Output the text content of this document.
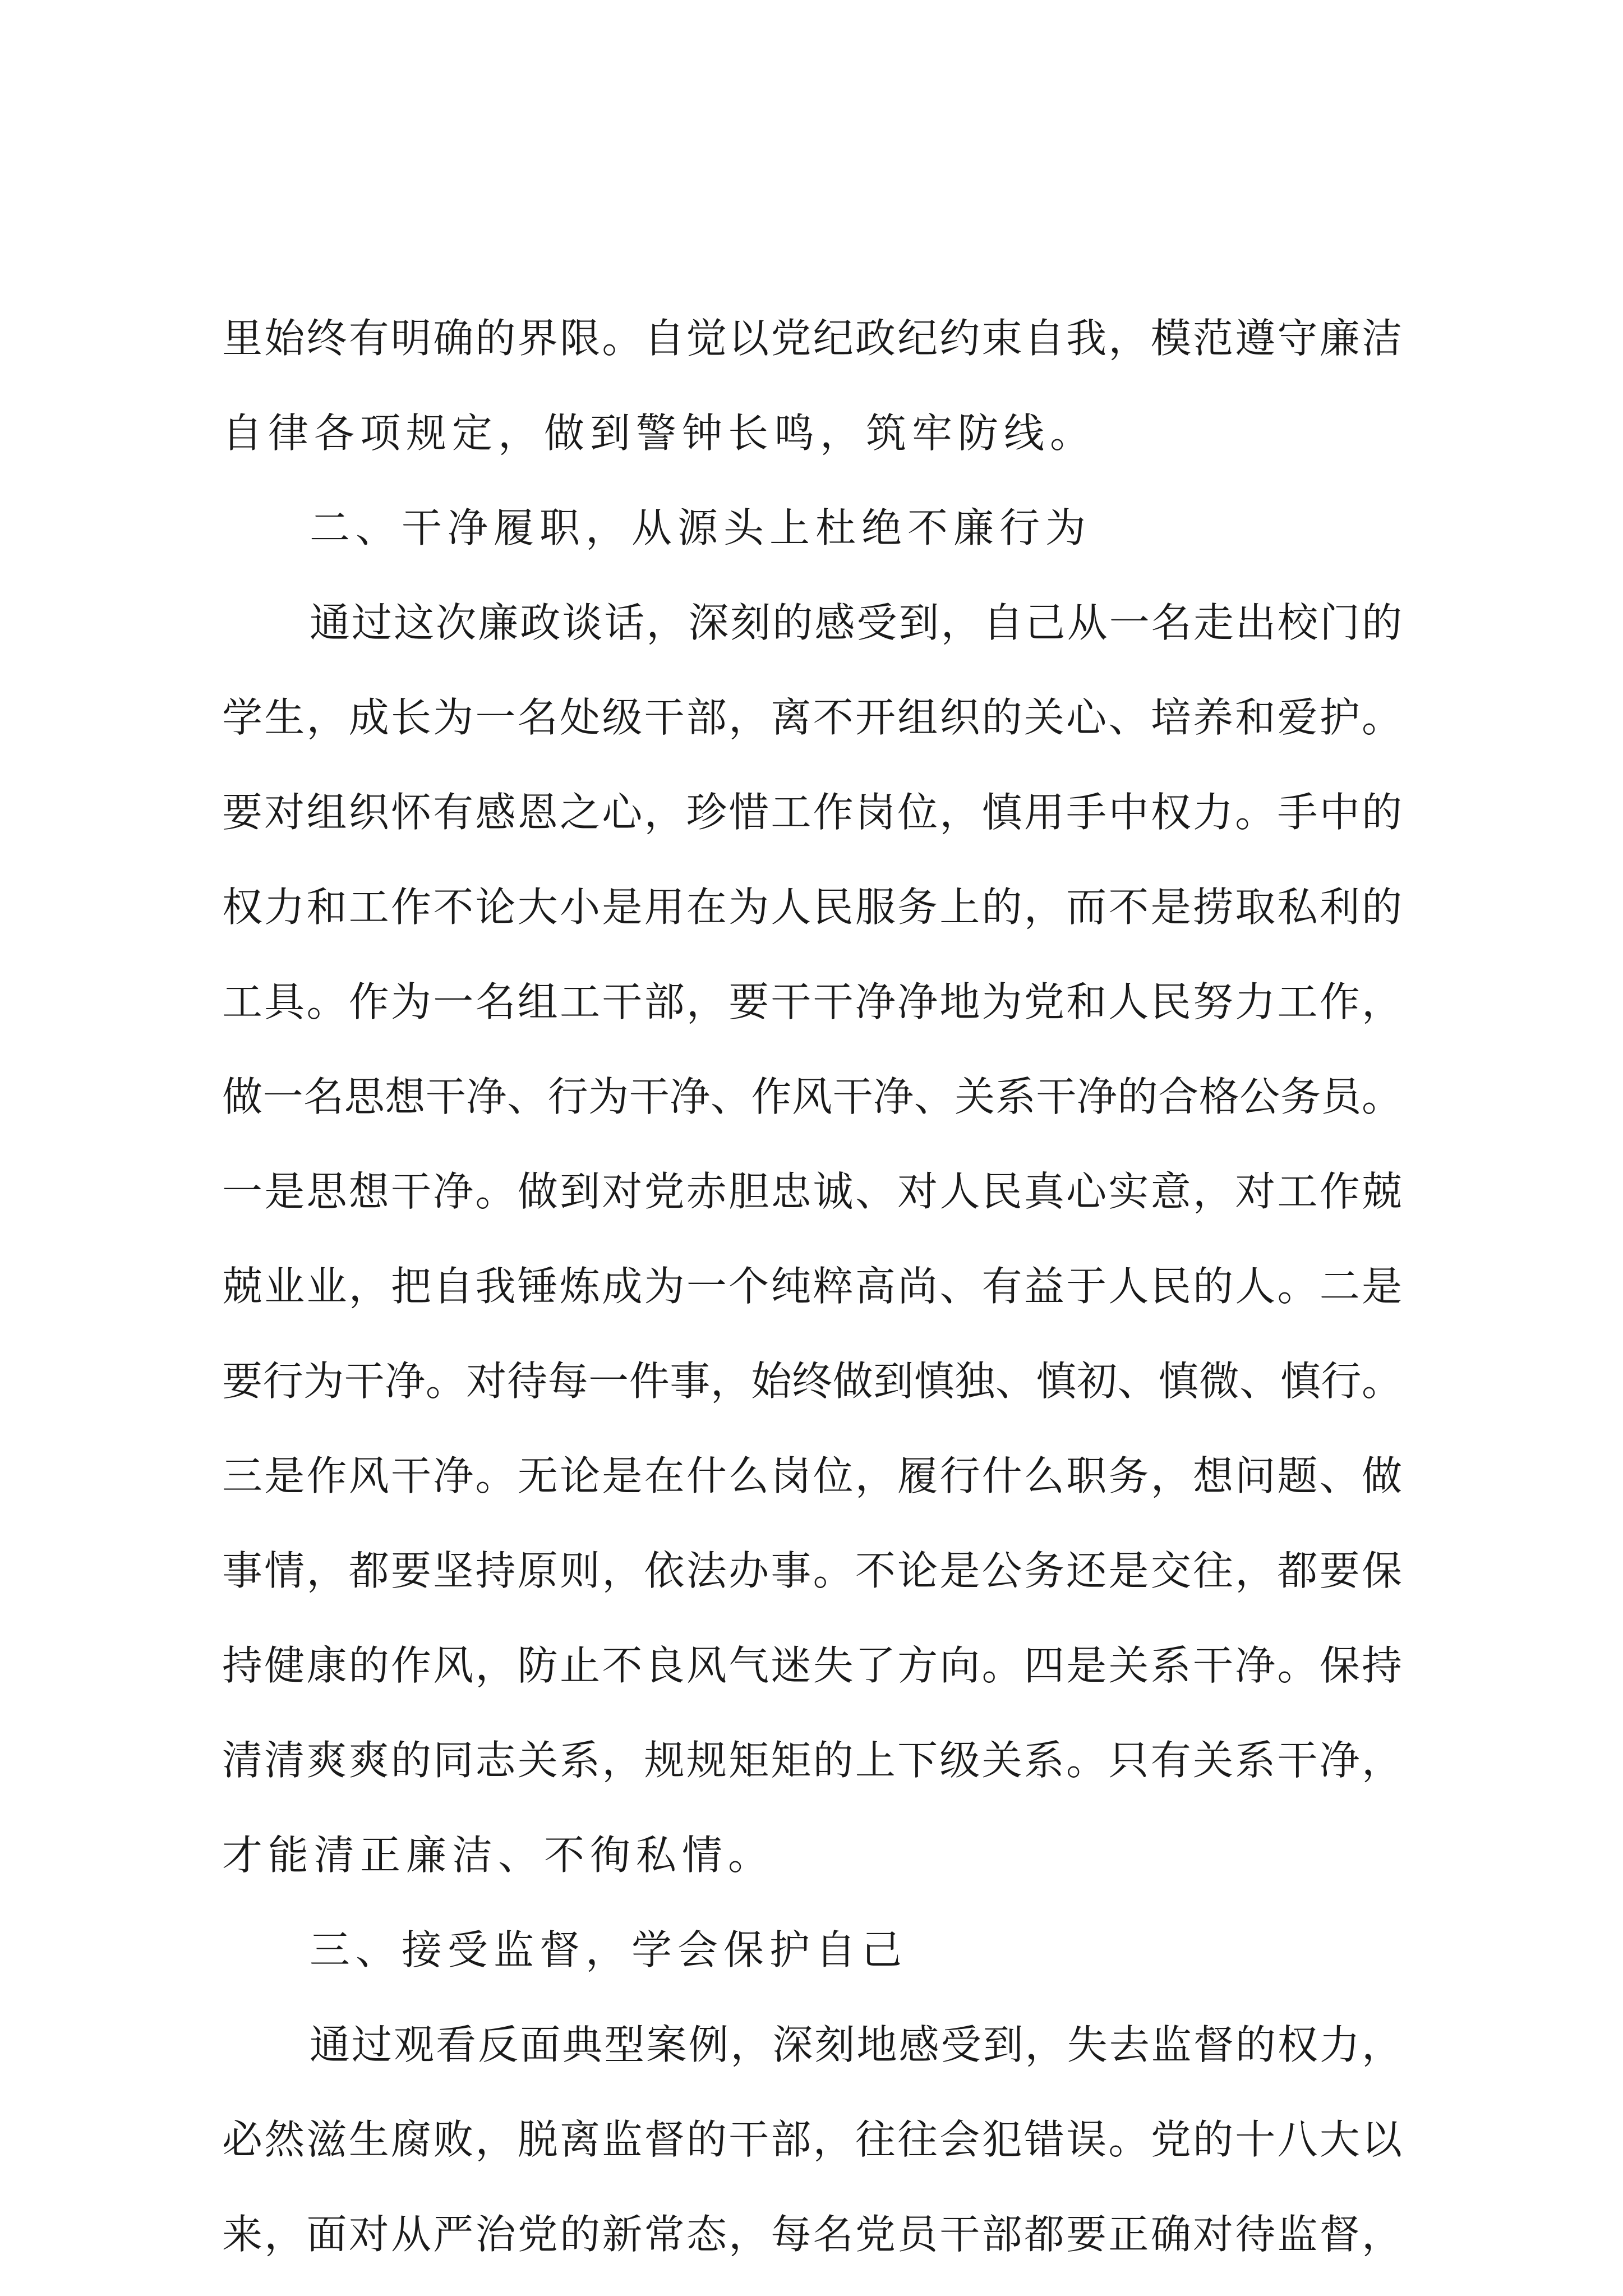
里始终有明确的界限。自觉以党纪政纪约束自我，模范遵守廉洁
自律各项规定，做到警钟长鸣，筑牢防线。
二、干净履职，从源头上杜绝不廉行为
通过这次廉政谈话，深刻的感受到，自己从一名走出校门的
学生，成长为一名处级干部，离不开组织的关心、培养和爱护。
要对组织怀有感恩之心，珍惜工作岗位，慎用手中权力。手中的
权力和工作不论大小是用在为人民服务上的，而不是捞取私利的
工具。作为一名组工干部，要干干净净地为党和人民努力工作，
做一名思想干净、行为干净、作风干净、关系干净的合格公务员。
一是思想干净。做到对党赤胆忠诚、对人民真心实意，对工作兢
兢业业，把自我锤炼成为一个纯粹高尚、有益于人民的人。二是
要行为干净。对待每一件事，始终做到慎独、慎初、慎微、慎行。
三是作风干净。无论是在什么岗位，履行什么职务，想问题、做
事情，都要坚持原则，依法办事。不论是公务还是交往，都要保
持健康的作风，防止不良风气迷失了方向。四是关系干净。保持
清清爽爽的同志关系，规规矩矩的上下级关系。只有关系干净，
才能清正廉洁、不徇私情。
三、接受监督，学会保护自己
通过观看反面典型案例，深刻地感受到，失去监督的权力，
必然滋生腐败，脱离监督的干部，往往会犯错误。党的十八大以
来，面对从严治党的新常态，每名党员干部都要正确对待监督，
